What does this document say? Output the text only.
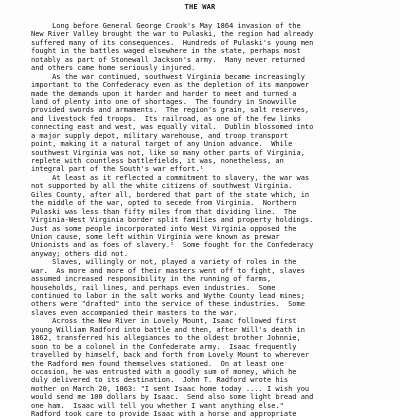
THE WAR
Long before General George Crook's May 1864 invasion of the
New River Valley brought the war to Pulaski, the region had already
suffered many of its consequences.  Hundreds of Pulaski's young men
fought in the battles waged elsewhere in the state, perhaps most
notably as part of Stonewall Jackson's army.  Many never returned
and others came home seriously injured.
As the war continued, southwest Virginia became increasingly
important to the Confederacy even as the depletion of its manpower
made the demands upon it harder and harder to meet and turned a
land of plenty into one of shortages.  The foundry in Snowville
provided swords and armaments.  The region's grain, salt reserves,
and livestock fed troops.  Its railroad, as one of the few links
connecting east and west, was equally vital.  Dublin blossomed into
a major supply depot, military warehouse, and troop transport
point, making it a natural target of any Union advance.  While
southwest Virginia was not, like so many other parts of Virginia,
replete with countless battlefields, it was, nonetheless, an
integral part of the South's war effort.¹
At least as it reflected a commitment to slavery, the war was
not supported by all the white citizens of southwest Virginia.
Giles County, after all, bordered that part of the state which, in
the middle of the war, opted to secede from Virginia.  Northern
Pulaski was less than fifty miles from that dividing line.  The
Virginia-West Virginia border split families and property holdings.
Just as some people incorporated into West Virginia opposed the
Union cause, some left within Virginia were known as prewar
Unionists and as foes of slavery.²  Some fought for the Confederacy
anyway; others did not.
Slaves, willingly or not, played a variety of roles in the
war.  As more and more of their masters went off to fight, slaves
assumed increased responsibility in the running of farms,
households, rail lines, and perhaps even industries.  Some
continued to labor in the salt works and Wythe County lead mines;
others were "drafted" into the service of these industries.  Some
slaves even accompanied their masters to the war.
Across the New River in Lovely Mount, Isaac followed first
young William Radford into battle and then, after Will's death in
1862, transferred his allegiances to the oldest brother Johnnie,
soon to be a colonel in the Confederate army.  Isaac frequently
travelled by himself, back and forth from Lovely Mount to wherever
the Radford men found themselves stationed.  On at least one
occasion, he was entrusted with a goodly sum of money, which he
duly delivered to its destination.  John T. Radford wrote his
mother on March 20, 1863: "I sent Isaac home today .... I wish you
would send me 100 dollars by Isaac.  Send also some light bread and
one ham.  Isaac will tell you whether I want anything else."
Radford took care to provide Isaac with a horse and appropriate
